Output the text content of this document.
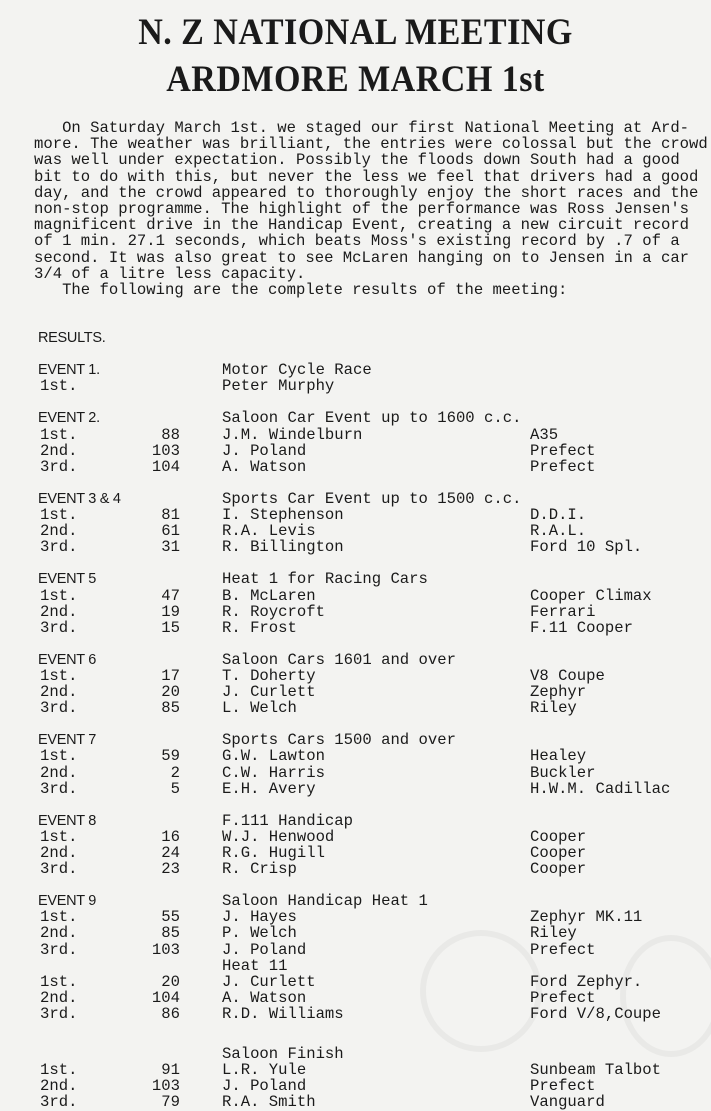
N. Z NATIONAL MEETING
ARDMORE MARCH 1st
On Saturday March 1st. we staged our first National Meeting at Ard-
more. The weather was brilliant, the entries were colossal but the crowd
was well under expectation. Possibly the floods down South had a good
bit to do with this, but never the less we feel that drivers had a good
day, and the crowd appeared to thoroughly enjoy the short races and the
non-stop programme. The highlight of the performance was Ross Jensen's
magnificent drive in the Handicap Event, creating a new circuit record
of 1 min. 27.1 seconds, which beats Moss's existing record by .7 of a
second. It was also great to see McLaren hanging on to Jensen in a car
3/4 of a litre less capacity.
The following are the complete results of the meeting:
RESULTS.
EVENT 1.	Motor Cycle Race
1st.	Peter Murphy
EVENT 2.	Saloon Car Event up to 1600 c.c.
1st.	88	J.M. Windelburn	A35
2nd.	103	J. Poland	Prefect
3rd.	104	A. Watson	Prefect
EVENT 3 & 4	Sports Car Event up to 1500 c.c.
1st.	81	I. Stephenson	D.D.I.
2nd.	61	R.A. Levis	R.A.L.
3rd.	31	R. Billington	Ford 10 Spl.
EVENT 5	Heat 1 for Racing Cars
1st.	47	B. McLaren	Cooper Climax
2nd.	19	R. Roycroft	Ferrari
3rd.	15	R. Frost	F.11 Cooper
EVENT 6	Saloon Cars 1601 and over
1st.	17	T. Doherty	V8 Coupe
2nd.	20	J. Curlett	Zephyr
3rd.	85	L. Welch	Riley
EVENT 7	Sports Cars 1500 and over
1st.	59	G.W. Lawton	Healey
2nd.	2	C.W. Harris	Buckler
3rd.	5	E.H. Avery	H.W.M. Cadillac
EVENT 8	F.111 Handicap
1st.	16	W.J. Henwood	Cooper
2nd.	24	R.G. Hugill	Cooper
3rd.	23	R. Crisp	Cooper
EVENT 9	Saloon Handicap Heat 1
1st.	55	J. Hayes	Zephyr MK.11
2nd.	85	P. Welch	Riley
3rd.	103	J. Poland	Prefect
Heat 11
1st.	20	J. Curlett	Ford Zephyr.
2nd.	104	A. Watson	Prefect
3rd.	86	R.D. Williams	Ford V/8,Coupe
Saloon Finish
1st.	91	L.R. Yule	Sunbeam Talbot
2nd.	103	J. Poland	Prefect
3rd.	79	R.A. Smith	Vanguard
